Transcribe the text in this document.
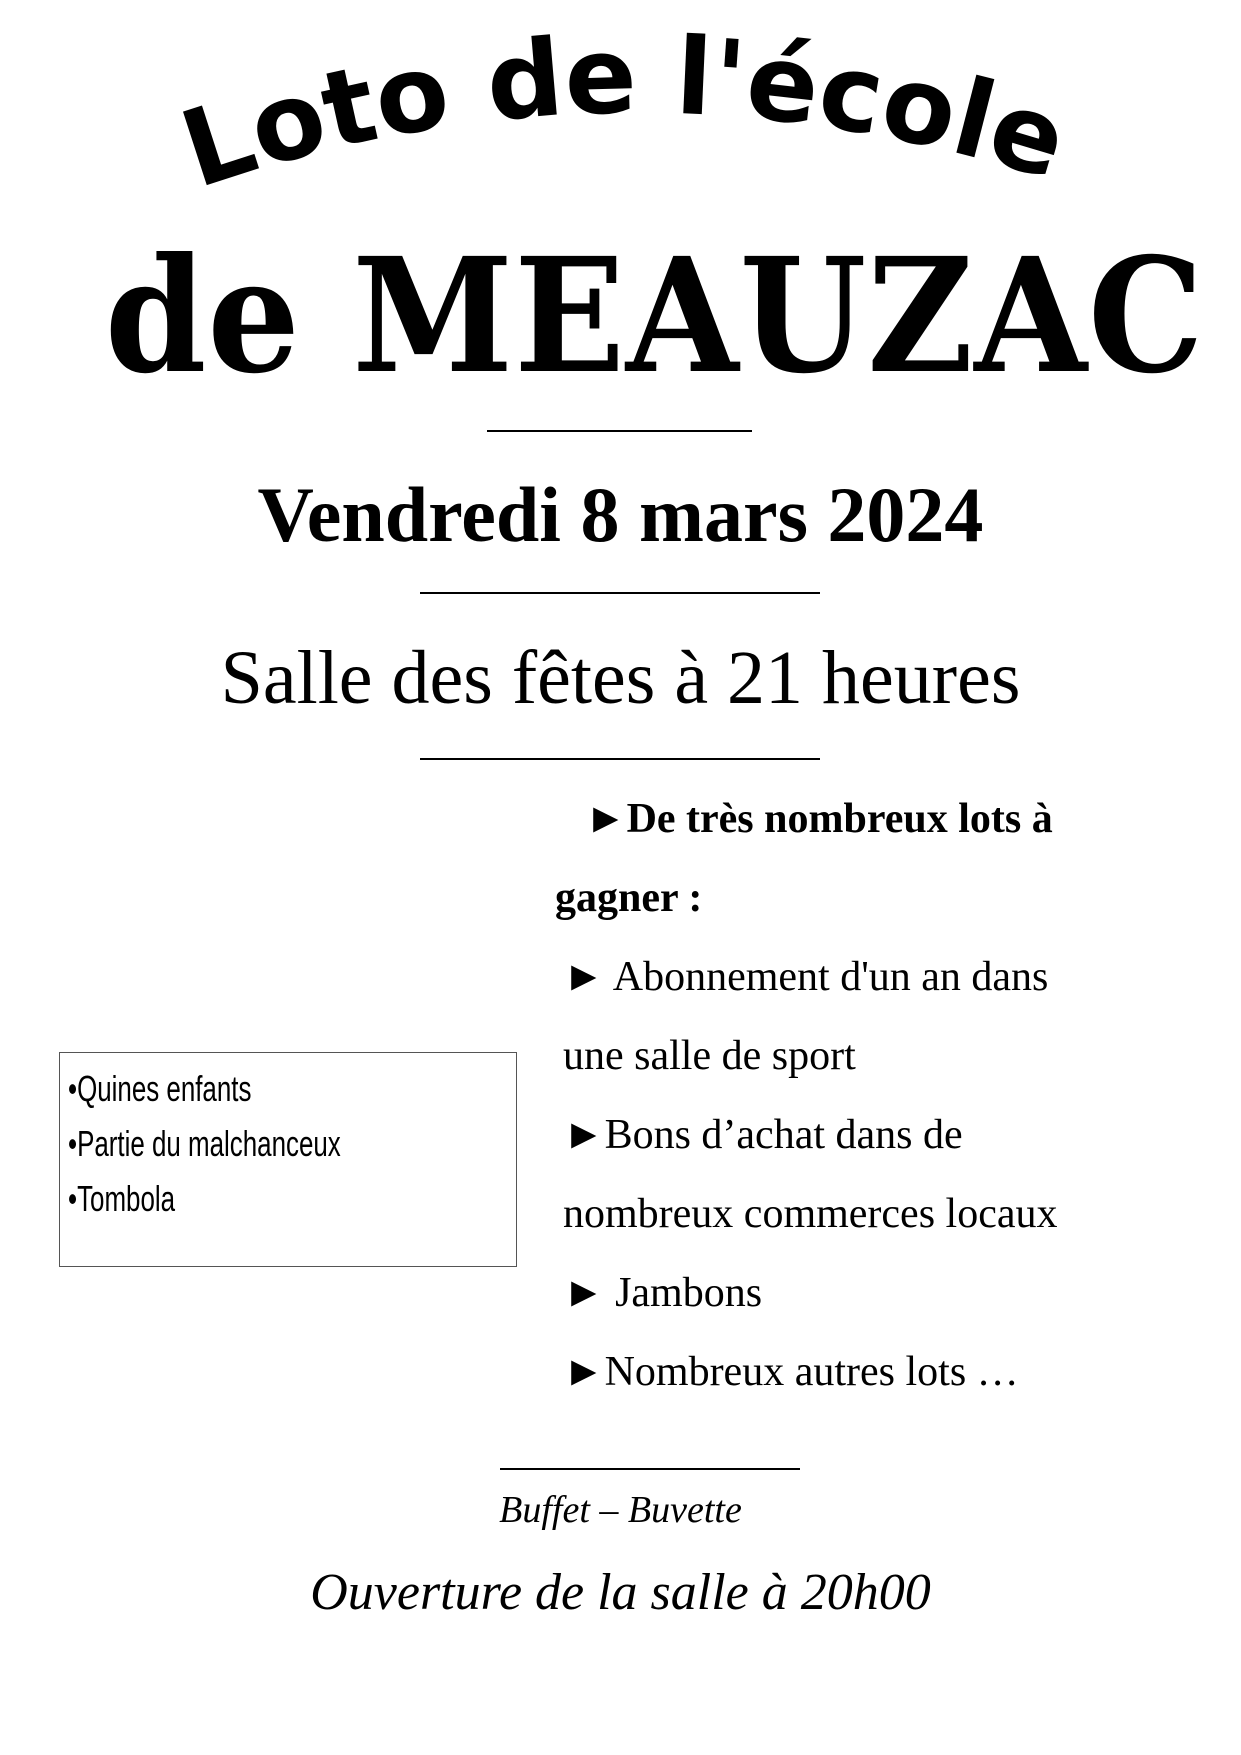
Loto de l'école
de MEAUZAC
Vendredi 8 mars 2024
Salle des fêtes à 21 heures
•Quines enfants
•Partie du malchanceux
•Tombola
►De très nombreux lots à
gagner :
► Abonnement d'un an dans
une salle de sport
►Bons d’achat dans de
nombreux commerces locaux
► Jambons
►Nombreux autres lots …
Buffet – Buvette
Ouverture de la salle à 20h00
